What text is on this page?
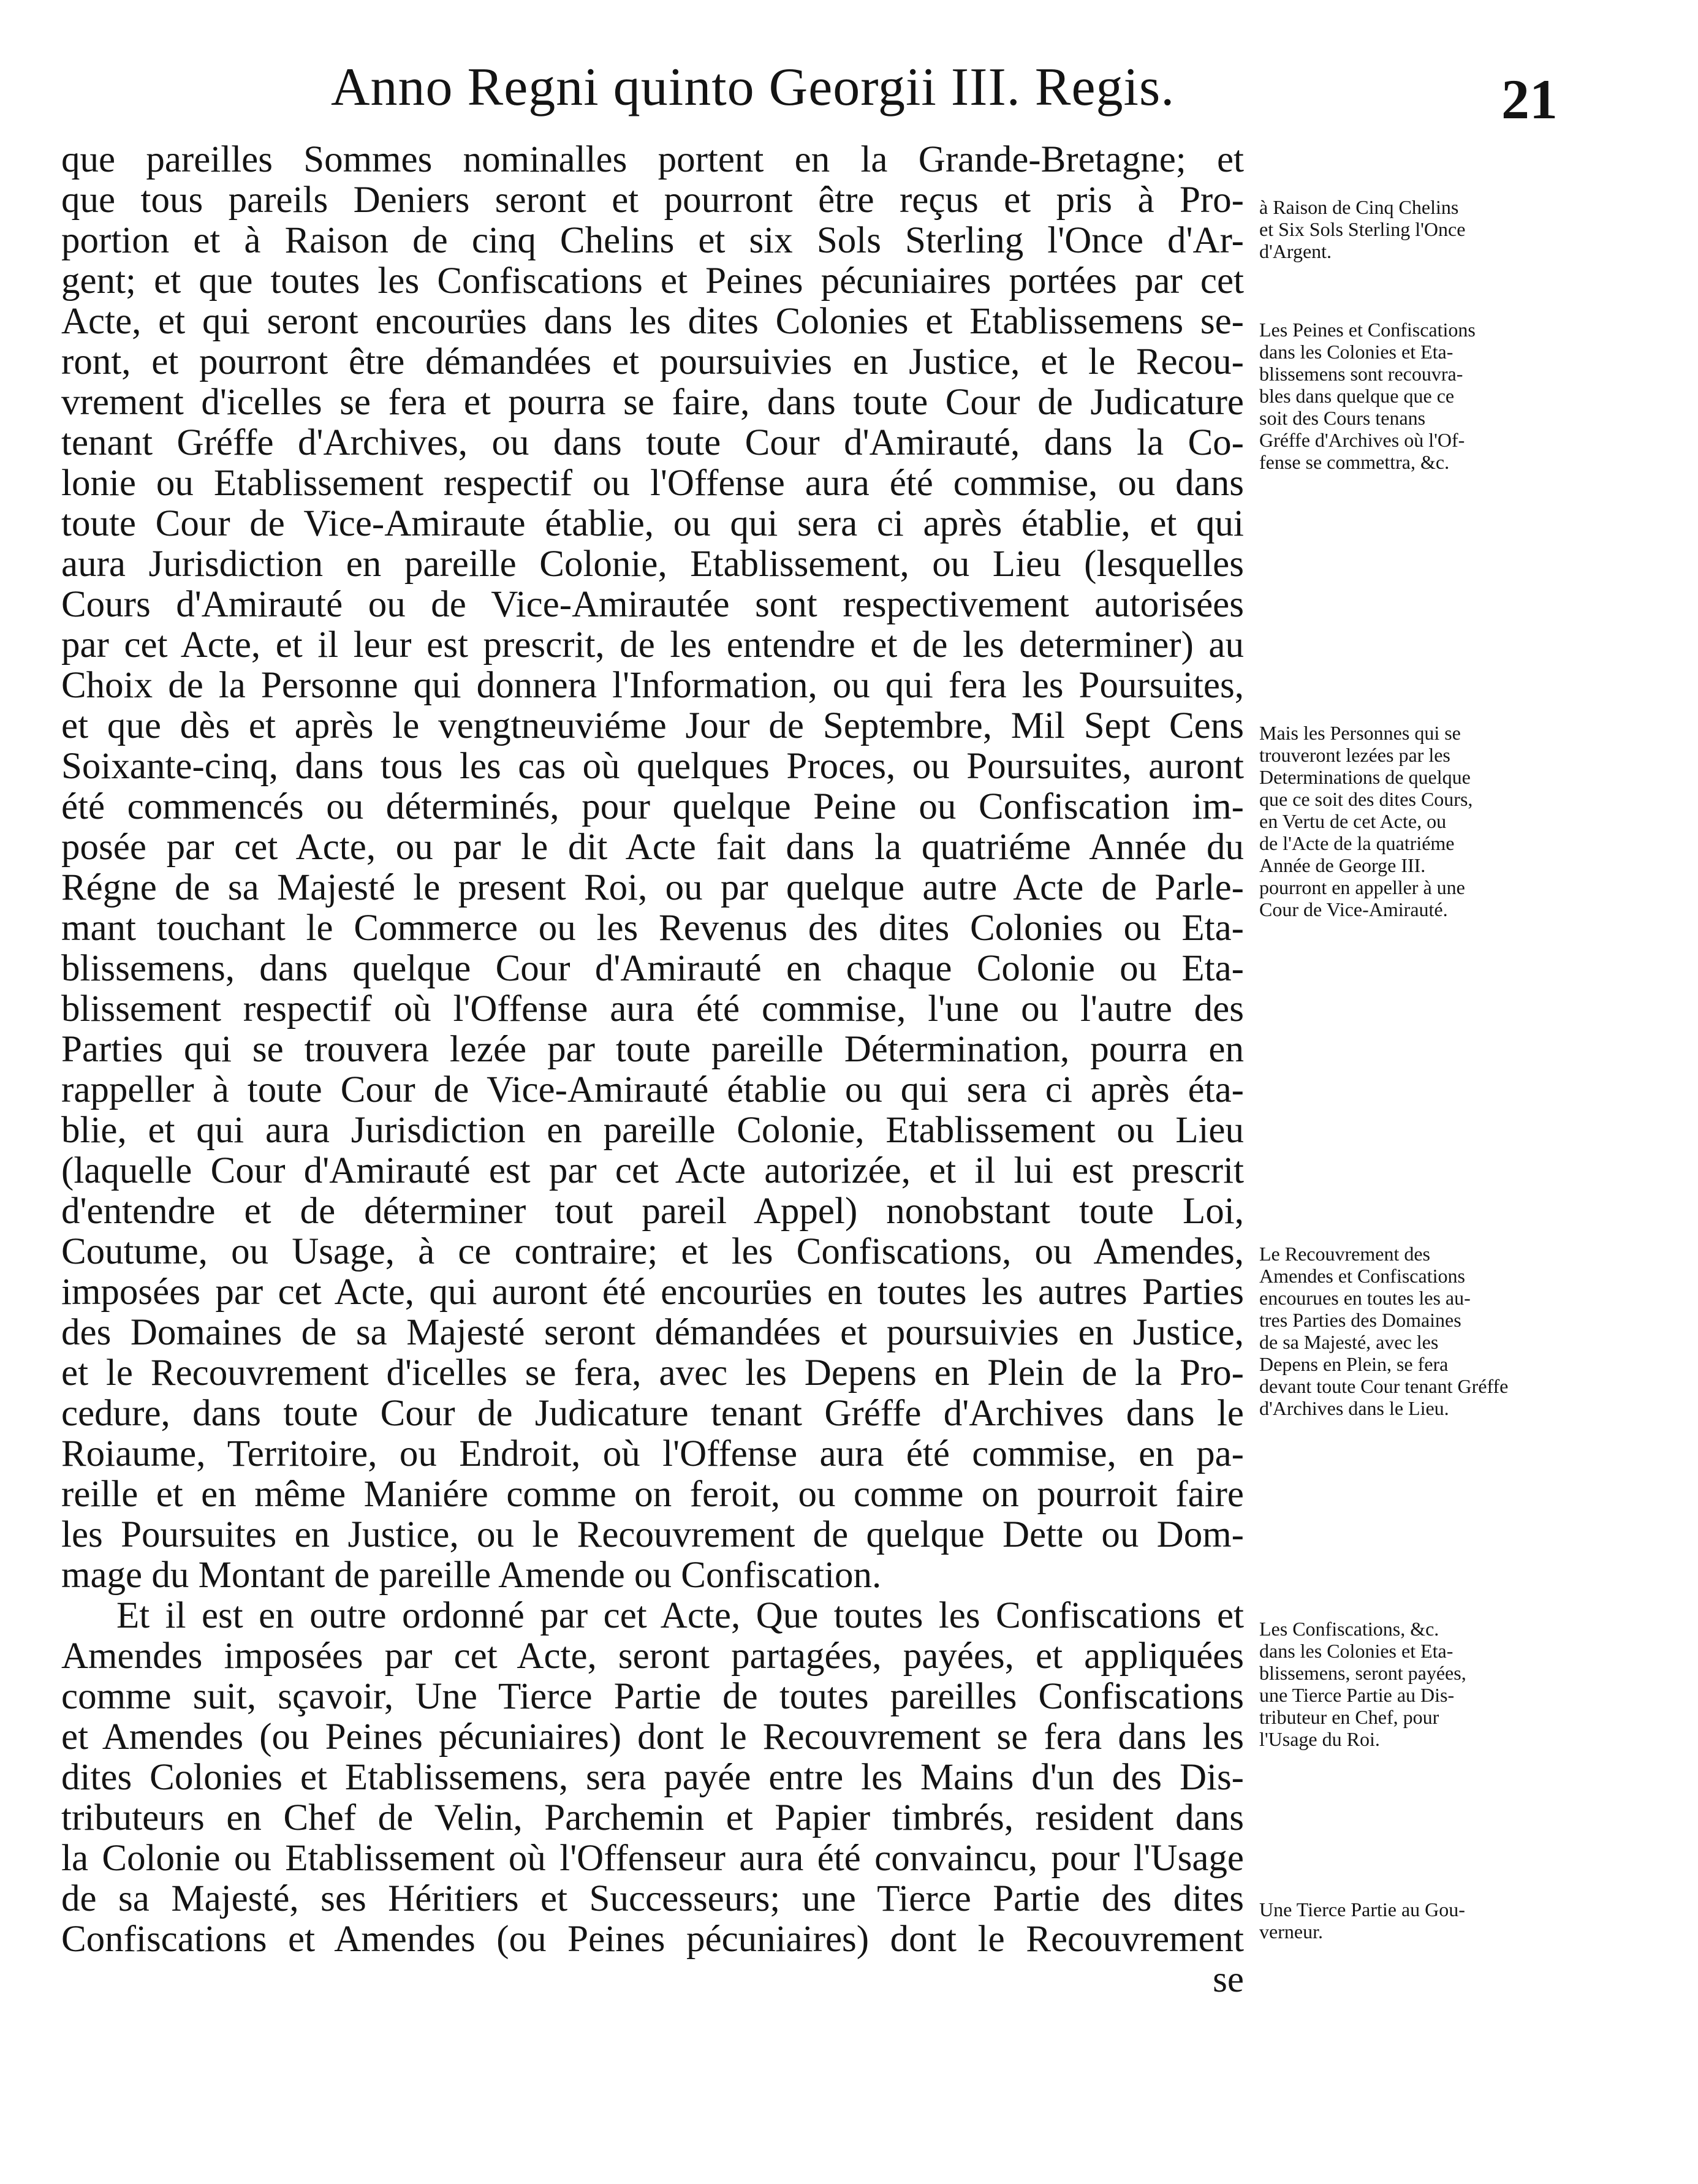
Anno Regni quinto Georgii III. Regis.	21
que pareilles Sommes nominalles portent en la Grande-Bretagne; et
que tous pareils Deniers seront et pourront être reçus et pris à Pro-
portion et à Raison de cinq Chelins et six Sols Sterling l'Once d'Ar-
gent; et que toutes les Confiscations et Peines pécuniaires portées par cet
Acte, et qui seront encourües dans les dites Colonies et Etablissemens se-
ront, et pourront être démandées et poursuivies en Justice, et le Recou-
vrement d'icelles se fera et pourra se faire, dans toute Cour de Judicature
tenant Gréffe d'Archives, ou dans toute Cour d'Amirauté, dans la Co-
lonie ou Etablissement respectif ou l'Offense aura été commise, ou dans
toute Cour de Vice-Amiraute établie, ou qui sera ci après établie, et qui
aura Jurisdiction en pareille Colonie, Etablissement, ou Lieu (lesquelles
Cours d'Amirauté ou de Vice-Amirautée sont respectivement autorisées
par cet Acte, et il leur est prescrit, de les entendre et de les determiner) au
Choix de la Personne qui donnera l'Information, ou qui fera les Poursuites,
et que dès et après le vengtneuviéme Jour de Septembre, Mil Sept Cens
Soixante-cinq, dans tous les cas où quelques Proces, ou Poursuites, auront
été commencés ou déterminés, pour quelque Peine ou Confiscation im-
posée par cet Acte, ou par le dit Acte fait dans la quatriéme Année du
Régne de sa Majesté le present Roi, ou par quelque autre Acte de Parle-
mant touchant le Commerce ou les Revenus des dites Colonies ou Eta-
blissemens, dans quelque Cour d'Amirauté en chaque Colonie ou Eta-
blissement respectif où l'Offense aura été commise, l'une ou l'autre des
Parties qui se trouvera lezée par toute pareille Détermination, pourra en
rappeller à toute Cour de Vice-Amirauté établie ou qui sera ci après éta-
blie, et qui aura Jurisdiction en pareille Colonie, Etablissement ou Lieu
(laquelle Cour d'Amirauté est par cet Acte autorizée, et il lui est prescrit
d'entendre et de déterminer tout pareil Appel) nonobstant toute Loi,
Coutume, ou Usage, à ce contraire; et les Confiscations, ou Amendes,
imposées par cet Acte, qui auront été encourües en toutes les autres Parties
des Domaines de sa Majesté seront démandées et poursuivies en Justice,
et le Recouvrement d'icelles se fera, avec les Depens en Plein de la Pro-
cedure, dans toute Cour de Judicature tenant Gréffe d'Archives dans le
Roiaume, Territoire, ou Endroit, où l'Offense aura été commise, en pa-
reille et en même Maniére comme on feroit, ou comme on pourroit faire
les Poursuites en Justice, ou le Recouvrement de quelque Dette ou Dom-
mage du Montant de pareille Amende ou Confiscation.
Et il est en outre ordonné par cet Acte, Que toutes les Confiscations et
Amendes imposées par cet Acte, seront partagées, payées, et appliquées
comme suit, sçavoir, Une Tierce Partie de toutes pareilles Confiscations
et Amendes (ou Peines pécuniaires) dont le Recouvrement se fera dans les
dites Colonies et Etablissemens, sera payée entre les Mains d'un des Dis-
tributeurs en Chef de Velin, Parchemin et Papier timbrés, resident dans
la Colonie ou Etablissement où l'Offenseur aura été convaincu, pour l'Usage
de sa Majesté, ses Héritiers et Successeurs; une Tierce Partie des dites
Confiscations et Amendes (ou Peines pécuniaires) dont le Recouvrement
se
à Raison de Cinq Chelins
et Six Sols Sterling l'Once
d'Argent.
Les Peines et Confiscations
dans les Colonies et Eta-
blissemens sont recouvra-
bles dans quelque que ce
soit des Cours tenans
Gréffe d'Archives où l'Of-
fense se commettra, &c.
Mais les Personnes qui se
trouveront lezées par les
Determinations de quelque
que ce soit des dites Cours,
en Vertu de cet Acte, ou
de l'Acte de la quatriéme
Année de George III.
pourront en appeller à une
Cour de Vice-Amirauté.
Le Recouvrement des
Amendes et Confiscations
encourues en toutes les au-
tres Parties des Domaines
de sa Majesté, avec les
Depens en Plein, se fera
devant toute Cour tenant Gréffe
d'Archives dans le Lieu.
Les Confiscations, &c.
dans les Colonies et Eta-
blissemens, seront payées,
une Tierce Partie au Dis-
tributeur en Chef, pour
l'Usage du Roi.
Une Tierce Partie au Gou-
verneur.
